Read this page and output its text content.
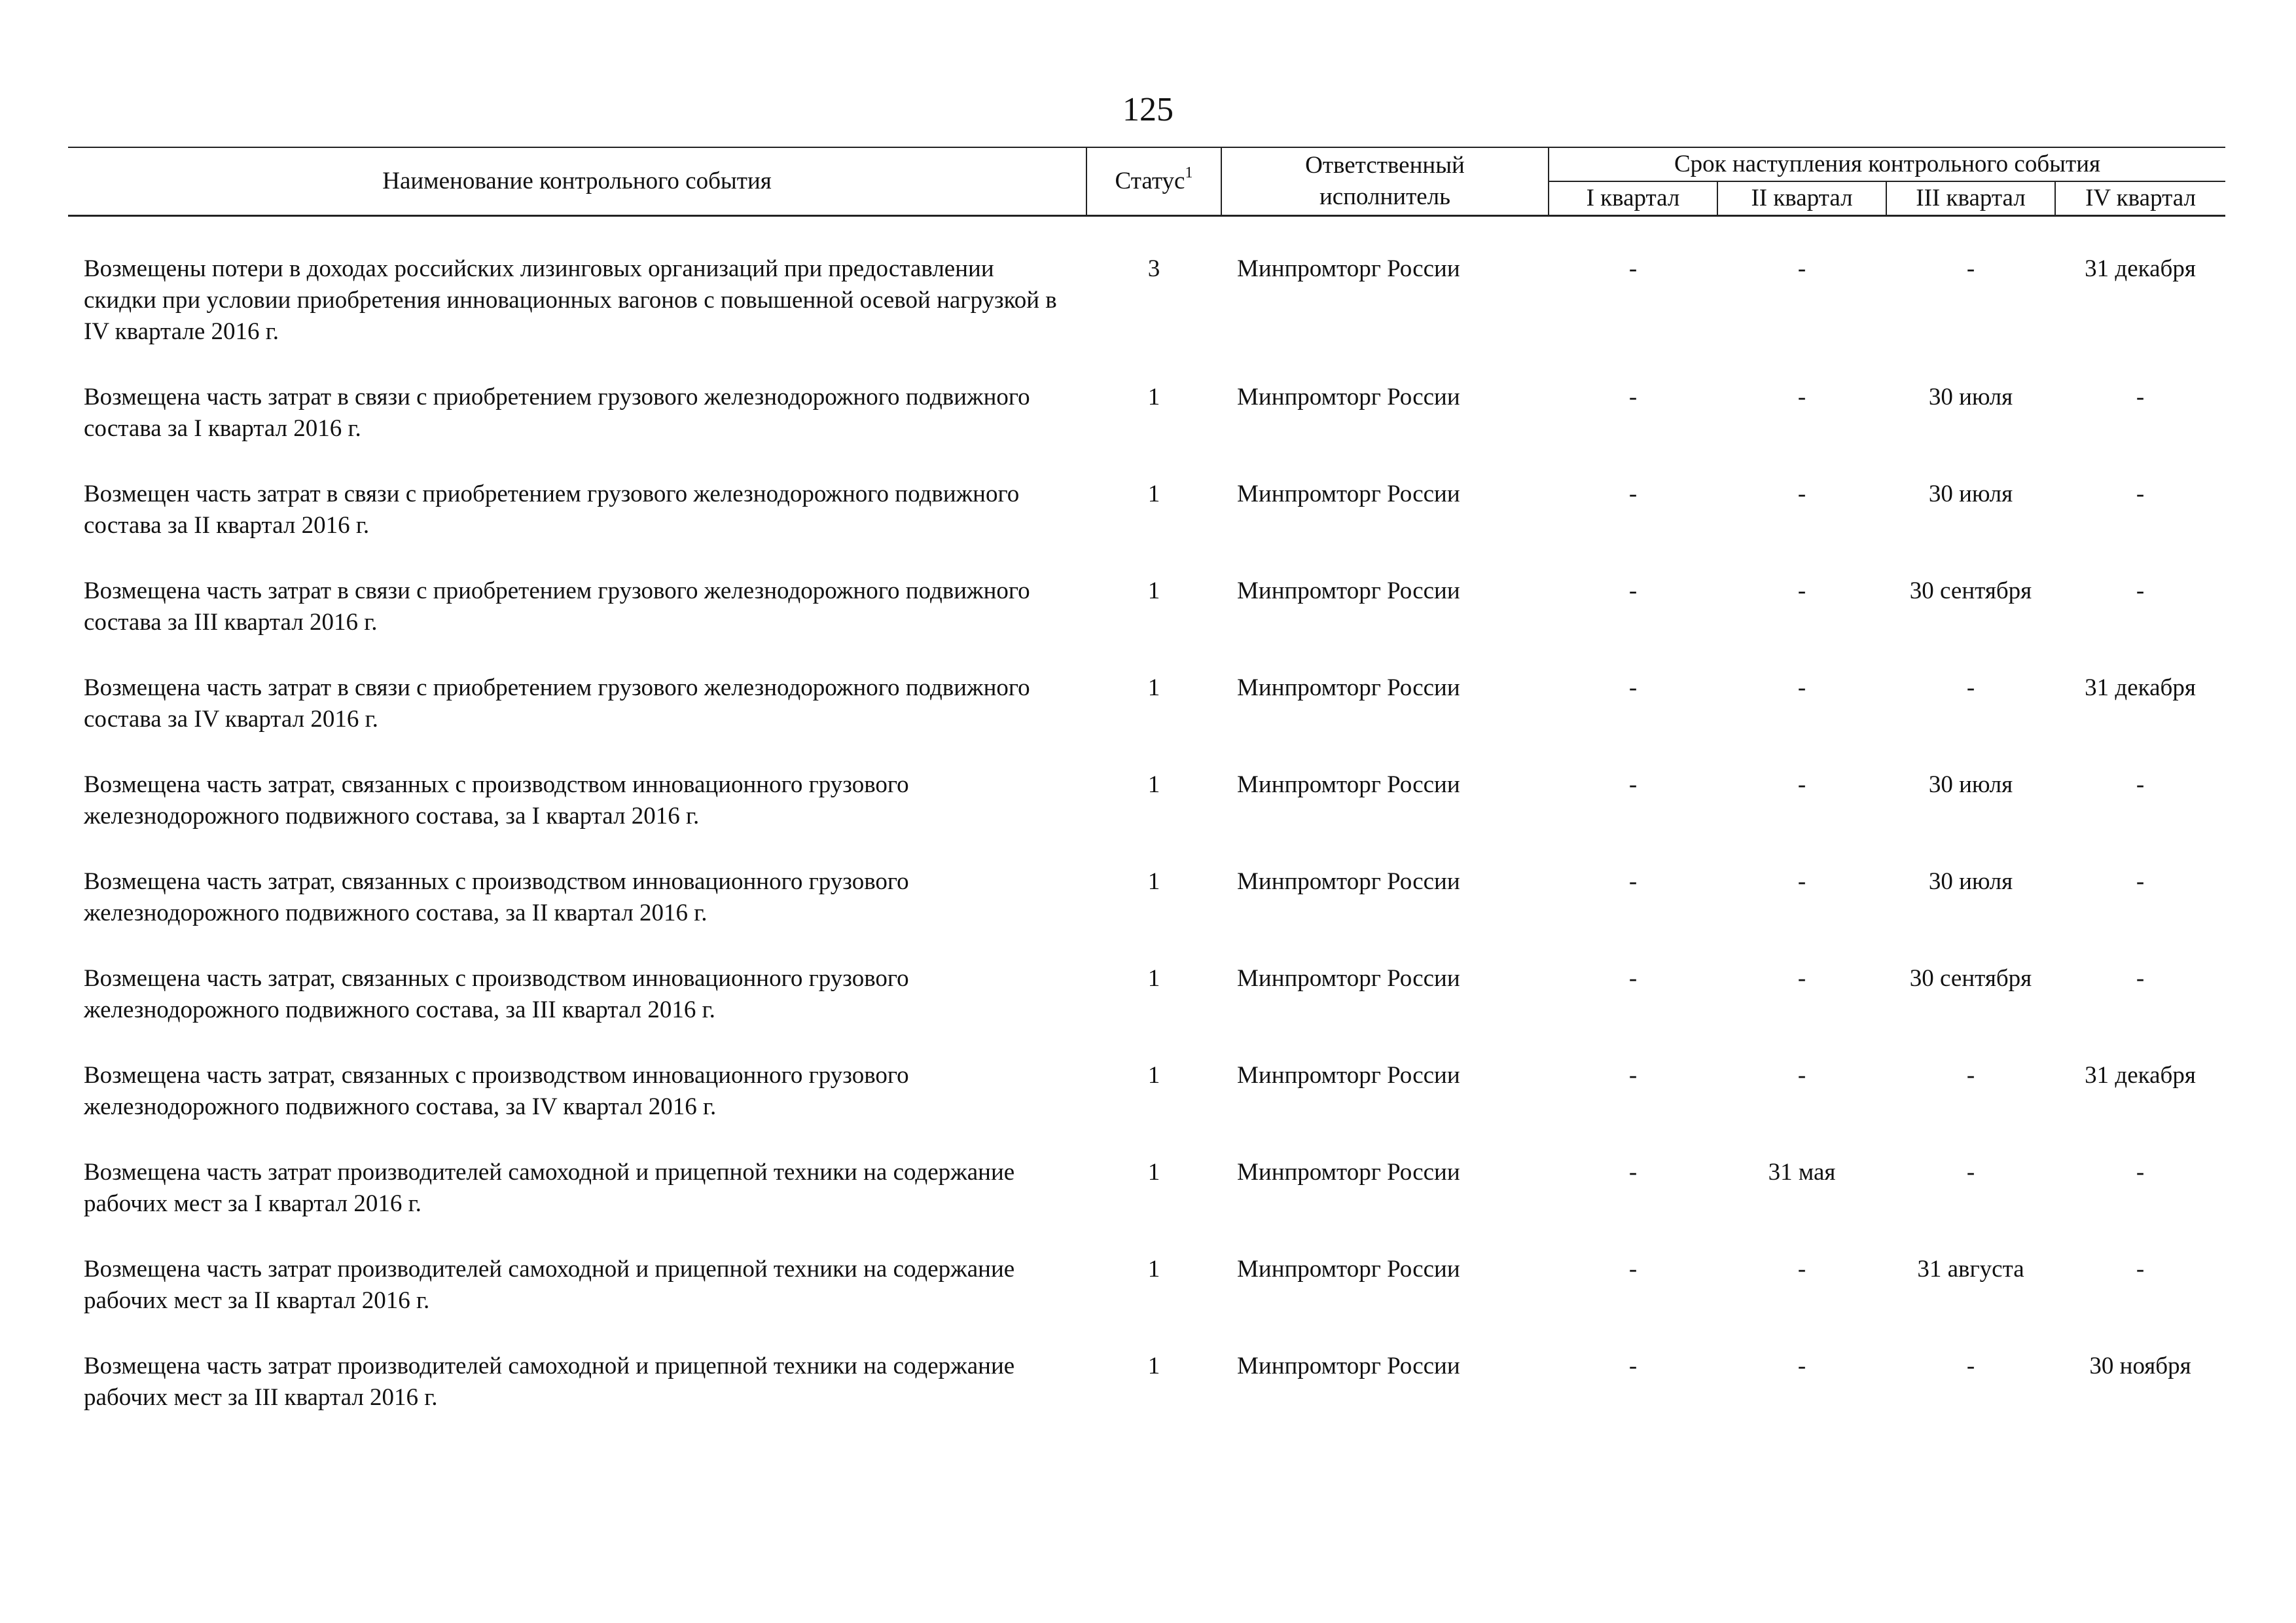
125
Наименование контрольного события	Статус$^1$	Ответственный исполнитель	Срок наступления контрольного события			
			I квартал	II квартал	III квартал	IV квартал

Возмещены потери в доходах российских лизинговых организаций при предоставлении скидки при условии приобретения инновационных вагонов с повышенной осевой нагрузкой в IV квартале 2016 г.	3	Минпромторг России	-	-	-	31 декабря
Возмещена часть затрат в связи с приобретением грузового железнодорожного подвижного состава за I квартал 2016 г.	1	Минпромторг России	-	-	30 июля	-
Возмещен часть затрат в связи с приобретением грузового железнодорожного подвижного состава за II квартал 2016 г.	1	Минпромторг России	-	-	30 июля	-
Возмещена часть затрат в связи с приобретением грузового железнодорожного подвижного состава за III квартал 2016 г.	1	Минпромторг России	-	-	30 сентября	-
Возмещена часть затрат в связи с приобретением грузового железнодорожного подвижного состава за IV квартал 2016 г.	1	Минпромторг России	-	-	-	31 декабря
Возмещена часть затрат, связанных с производством инновационного грузового железнодорожного подвижного состава, за I квартал 2016 г.	1	Минпромторг России	-	-	30 июля	-
Возмещена часть затрат, связанных с производством инновационного грузового железнодорожного подвижного состава, за II квартал 2016 г.	1	Минпромторг России	-	-	30 июля	-
Возмещена часть затрат, связанных с производством инновационного грузового железнодорожного подвижного состава, за III квартал 2016 г.	1	Минпромторг России	-	-	30 сентября	-
Возмещена часть затрат, связанных с производством инновационного грузового железнодорожного подвижного состава, за IV квартал 2016 г.	1	Минпромторг России	-	-	-	31 декабря
Возмещена часть затрат производителей самоходной и прицепной техники на содержание рабочих мест за I квартал 2016 г.	1	Минпромторг России	-	31 мая	-	-
Возмещена часть затрат производителей самоходной и прицепной техники на содержание рабочих мест за II квартал 2016 г.	1	Минпромторг России	-	-	31 августа	-
Возмещена часть затрат производителей самоходной и прицепной техники на содержание рабочих мест за III квартал 2016 г.	1	Минпромторг России	-	-	-	30 ноября
